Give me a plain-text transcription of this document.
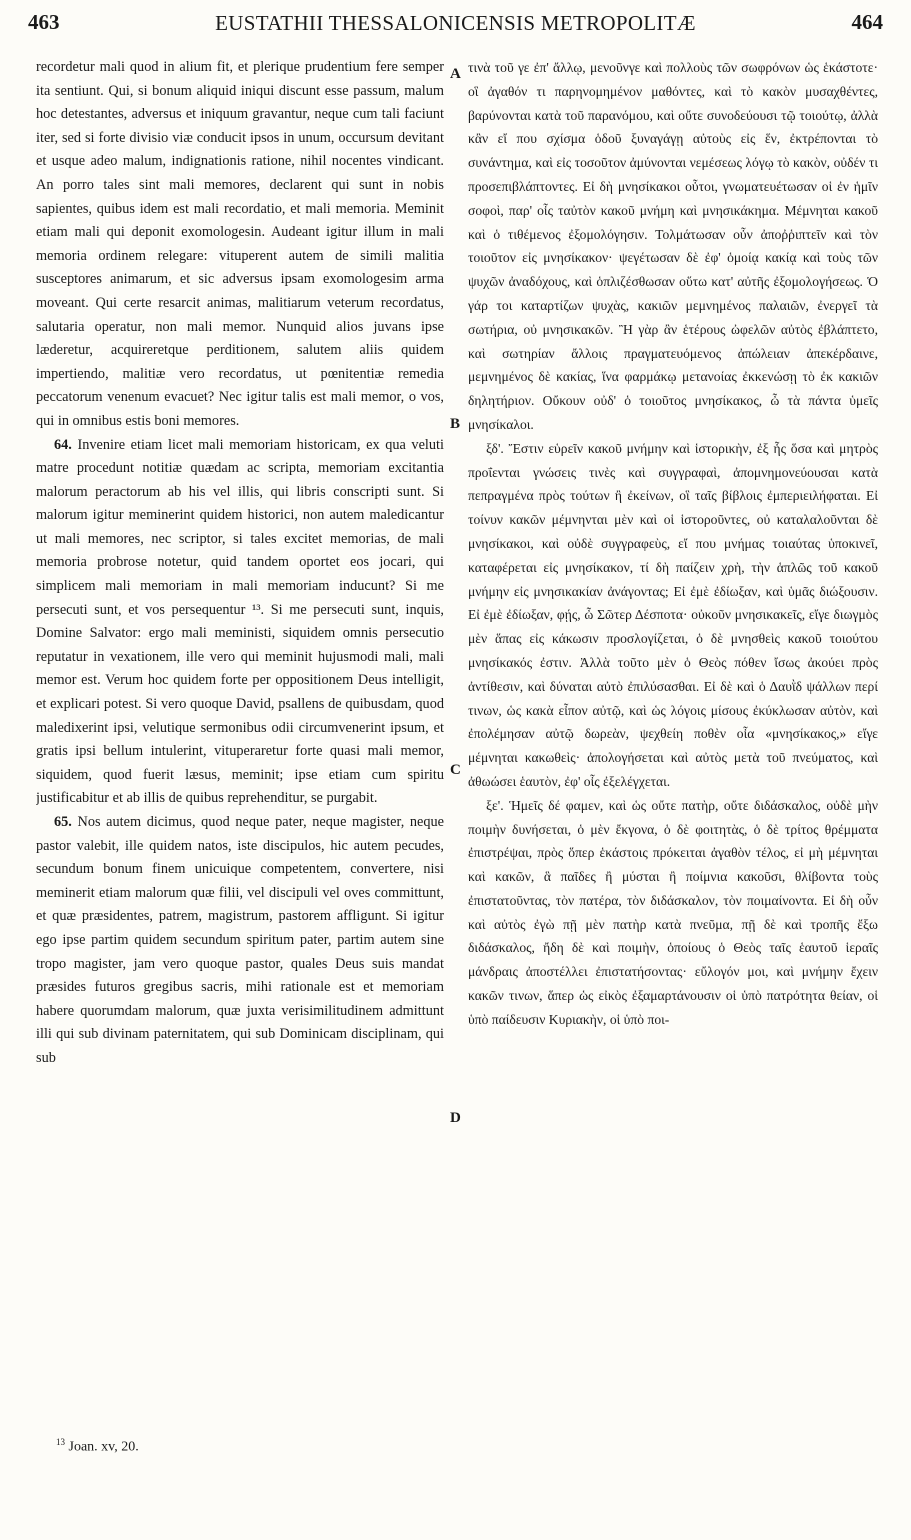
463	EUSTATHII THESSALONICENSIS METROPOLITÆ	464

recordetur mali quod in alium fit, et plerique prudentium fere semper ita sentiunt. Qui, si bonum aliquid iniqui discunt esse passum, malum hoc detestantes, adversus et iniquum gravantur, neque cum tali faciunt iter, sed si forte divisio viæ conducit ipsos in unum, occursum devitant et usque adeo malum, indignationis ratione, nihil nocentes vindicant. An porro tales sint mali memores, declarent qui sunt in nobis sapientes, quibus idem est mali recordatio, et mali memoria. Meminit etiam mali qui deponit exomologesin. Audeant igitur illum in mali memoria ordinem relegare: vituperent autem de simili malitia susceptores animarum, et sic adversus ipsam exomologesim arma moveant. Qui certe resarcit animas, malitiarum veterum recordatus, salutaria operatur, non mali memor. Nunquid alios juvans ipse læderetur, acquireretque perditionem, salutem aliis quidem impertiendo, malitiæ vero recordatus, ut pœnitentiæ remedia peccatorum venenum evacuet? Nec igitur talis est mali memor, o vos, qui in omnibus estis boni memores.

64. Invenire etiam licet mali memoriam historicam, ex qua veluti matre procedunt notitiæ quædam ac scripta, memoriam excitantia malorum peractorum ab his vel illis, qui libris conscripti sunt. Si malorum igitur meminerint quidem historici, non autem maledicantur ut mali memores, nec scriptor, si tales excitet memorias, de mali memoria probrose notetur, quid tandem oportet eos jocari, qui simplicem mali memoriam in mali memoriam inducunt? Si me persecuti sunt, et vos persequentur ¹³. Si me persecuti sunt, inquis, Domine Salvator: ergo mali meministi, siquidem omnis persecutio reputatur in vexationem, ille vero qui meminit hujusmodi mali, mali memor est. Verum hoc quidem forte per oppositionem Deus intelligit, et explicari potest. Si vero quoque David, psallens de quibusdam, quod maledixerint ipsi, velutique sermonibus odii circumvenerint ipsum, et gratis ipsi bellum intulerint, vituperaretur forte quasi mali memor, siquidem, quod fuerit læsus, meminit; ipse etiam cum spiritu justificabitur et ab illis de quibus reprehenditur, se purgabit.

65. Nos autem dicimus, quod neque pater, neque magister, neque pastor valebit, ille quidem natos, iste discipulos, hic autem pecudes, secundum bonum finem unicuique competentem, convertere, nisi meminerit etiam malorum quæ filii, vel discipuli vel oves committunt, et quæ præsidentes, patrem, magistrum, pastorem affligunt. Si igitur ego ipse partim quidem secundum spiritum pater, partim autem sine tropo magister, jam vero quoque pastor, quales Deus suis mandat præsides futuros gregibus sacris, mihi rationale est et memoriam habere quorumdam malorum, quæ juxta verisimilitudinem admittunt illi qui sub divinam paternitatem, qui sub Dominicam disciplinam, qui sub

τινὰ τοῦ γε ἐπ' ἄλλῳ, μενοῦνγε καὶ πολλοὺς τῶν σωφρόνων ὡς ἑκάστοτε· οἳ ἀγαθόν τι παρηνομημένον μαθόντες, καὶ τὸ κακὸν μυσαχθέντες, βαρύνονται κατὰ τοῦ παρανόμου, καὶ οὔτε συνοδεύουσι τῷ τοιούτῳ, ἀλλὰ κἂν εἴ που σχίσμα ὁδοῦ ξυναγάγῃ αὐτοὺς εἰς ἕν, ἐκτρέπονται τὸ συνάντημα, καὶ εἰς τοσοῦτον ἀμύνονται νεμέσεως λόγῳ τὸ κακὸν, οὐδέν τι προσεπιβλάπτοντες. Εἰ δὴ μνησίκακοι οὗτοι, γνωματευέτωσαν οἱ ἐν ἡμῖν σοφοὶ, παρ' οἷς ταὐτὸν κακοῦ μνήμη καὶ μνησικάκημα. Μέμνηται κακοῦ καὶ ὁ τιθέμενος ἐξομολόγησιν. Τολμάτωσαν οὖν ἀποῤῥιπτεῖν καὶ τὸν τοιοῦτον εἰς μνησίκακον· ψεγέτωσαν δὲ ἐφ' ὁμοίᾳ κακίᾳ καὶ τοὺς τῶν ψυχῶν ἀναδόχους, καὶ ὁπλιζέσθωσαν οὕτω κατ' αὐτῆς ἐξομολογήσεως. Ὁ γάρ τοι καταρτίζων ψυχὰς, κακιῶν μεμνημένος παλαιῶν, ἐνεργεῖ τὰ σωτήρια, οὐ μνησικακῶν. Ἢ γὰρ ἂν ἑτέρους ὠφελῶν αὐτὸς ἐβλάπτετο, καὶ σωτηρίαν ἄλλοις πραγματευόμενος ἀπώλειαν ἀπεκέρδαινε, μεμνημένος δὲ κακίας, ἵνα φαρμάκῳ μετανοίας ἐκκενώσῃ τὸ ἐκ κακιῶν δηλητήριον. Οὔκουν οὐδ' ὁ τοιοῦτος μνησίκακος, ὦ τὰ πάντα ὑμεῖς μνησίκαλοι.

ξδ'. Ἔστιν εὑρεῖν κακοῦ μνήμην καὶ ἱστορικὴν, ἐξ ἧς ὅσα καὶ μητρὸς προΐενται γνώσεις τινὲς καὶ συγγραφαὶ, ἀπομνημονεύουσαι κατὰ πεπραγμένα πρὸς τούτων ἢ ἐκείνων, οἳ ταῖς βίβλοις ἐμπεριειλήφαται. Εἰ τοίνυν κακῶν μέμνηνται μὲν καὶ οἱ ἱστοροῦντες, οὐ καταλαλοῦνται δὲ μνησίκακοι, καὶ οὐδὲ συγγραφεὺς, εἴ που μνήμας τοιαύτας ὑποκινεῖ, καταφέρεται εἰς μνησίκακον, τί δὴ παίζειν χρὴ, τὴν ἁπλῶς τοῦ κακοῦ μνήμην εἰς μνησικακίαν ἀνάγοντας; Εἰ ἐμὲ ἐδίωξαν, καὶ ὑμᾶς διώξουσιν. Εἰ ἐμὲ ἐδίωξαν, φῄς, ὦ Σῶτερ Δέσποτα· οὐκοῦν μνησικακεῖς, εἴγε διωγμὸς μὲν ἅπας εἰς κάκωσιν προσλογίζεται, ὁ δὲ μνησθεὶς κακοῦ τοιούτου μνησίκακός ἐστιν. Ἀλλὰ τοῦτο μὲν ὁ Θεὸς πόθεν ἴσως ἀκούει πρὸς ἀντίθεσιν, καὶ δύναται αὐτὸ ἐπιλύσασθαι. Εἰ δὲ καὶ ὁ Δαυῒδ ψάλλων περί τινων, ὡς κακὰ εἶπον αὐτῷ, καὶ ὡς λόγοις μίσους ἐκύκλωσαν αὐτὸν, καὶ ἐπολέμησαν αὐτῷ δωρεὰν, ψεχθείη ποθὲν οἷα «μνησίκακος,» εἴγε μέμνηται κακωθεὶς· ἀπολογήσεται καὶ αὐτὸς μετὰ τοῦ πνεύματος, καὶ ἀθωώσει ἑαυτὸν, ἐφ' οἷς ἐξελέγχεται.

ξε'. Ἡμεῖς δέ φαμεν, καὶ ὡς οὔτε πατὴρ, οὔτε διδάσκαλος, οὐδὲ μὴν ποιμὴν δυνήσεται, ὁ μὲν ἔκγονα, ὁ δὲ φοιτητὰς, ὁ δὲ τρίτος θρέμματα ἐπιστρέψαι, πρὸς ὅπερ ἑκάστοις πρόκειται ἀγαθὸν τέλος, εἰ μὴ μέμνηται καὶ κακῶν, ἃ παῖδες ἢ μύσται ἢ ποίμνια κακοῦσι, θλίβοντα τοὺς ἐπιστατοῦντας, τὸν πατέρα, τὸν διδάσκαλον, τὸν ποιμαίνοντα. Εἰ δὴ οὖν καὶ αὐτὸς ἐγὼ πῇ μὲν πατὴρ κατὰ πνεῦμα, πῇ δὲ καὶ τροπῆς ἔξω διδάσκαλος, ἤδη δὲ καὶ ποιμὴν, ὁποίους ὁ Θεὸς ταῖς ἑαυτοῦ ἱεραῖς μάνδραις ἀποστέλλει ἐπιστατήσοντας· εὔλογόν μοι, καὶ μνήμην ἔχειν κακῶν τινων, ἅπερ ὡς εἰκὸς ἐξαμαρτάνουσιν οἱ ὑπὸ πατρότητα θείαν, οἱ ὑπὸ παίδευσιν Κυριακὴν, οἱ ὑπὸ ποι-

A
B
C
D
$^{13}$ Joan. xv, 20.
